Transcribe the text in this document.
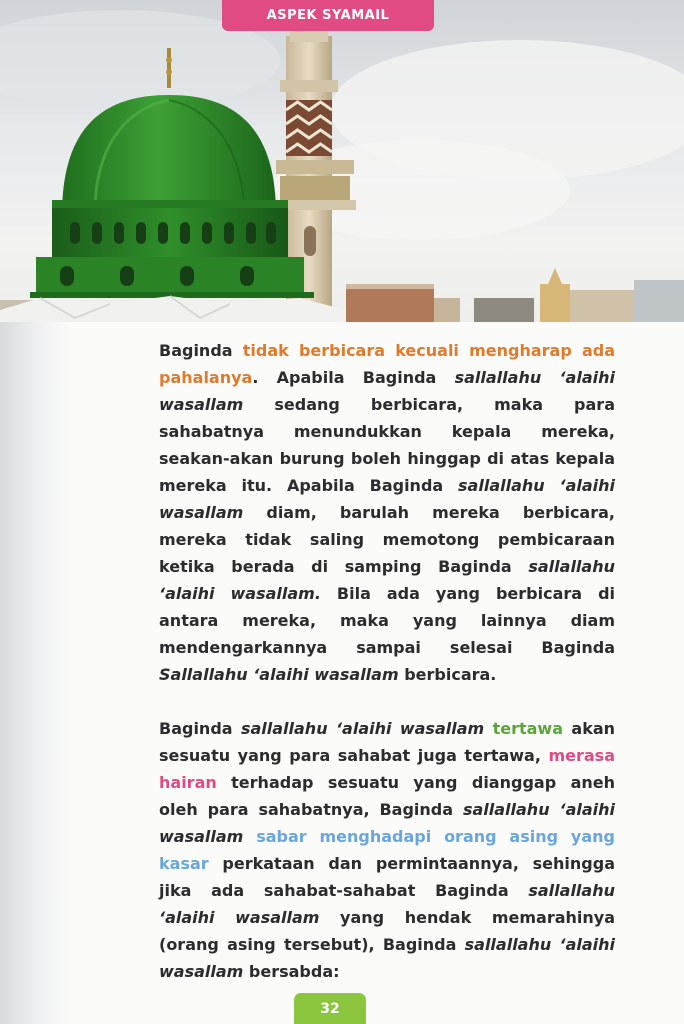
ASPEK SYAMAIL

Baginda tidak berbicara kecuali mengharap ada pahalanya. Apabila Baginda sallallahu ‘alaihi wasallam sedang berbicara, maka para sahabatnya menundukkan kepala mereka, seakan-akan burung boleh hinggap di atas kepala mereka itu. Apabila Baginda sallallahu ‘alaihi wasallam diam, barulah mereka berbicara, mereka tidak saling memotong pembicaraan ketika berada di samping Baginda sallallahu ‘alaihi wasallam. Bila ada yang berbicara di antara mereka, maka yang lainnya diam mendengarkannya sampai selesai Baginda Sallallahu ‘alaihi wasallam berbicara.

Baginda sallallahu ‘alaihi wasallam tertawa akan sesuatu yang para sahabat juga tertawa, merasa hairan terhadap sesuatu yang dianggap aneh oleh para sahabatnya, Baginda sallallahu ‘alaihi wasallam sabar menghadapi orang asing yang kasar perkataan dan permintaannya, sehingga jika ada sahabat-sahabat Baginda sallallahu ‘alaihi wasallam yang hendak memarahinya (orang asing tersebut), Baginda sallallahu ‘alaihi wasallam bersabda:

32
